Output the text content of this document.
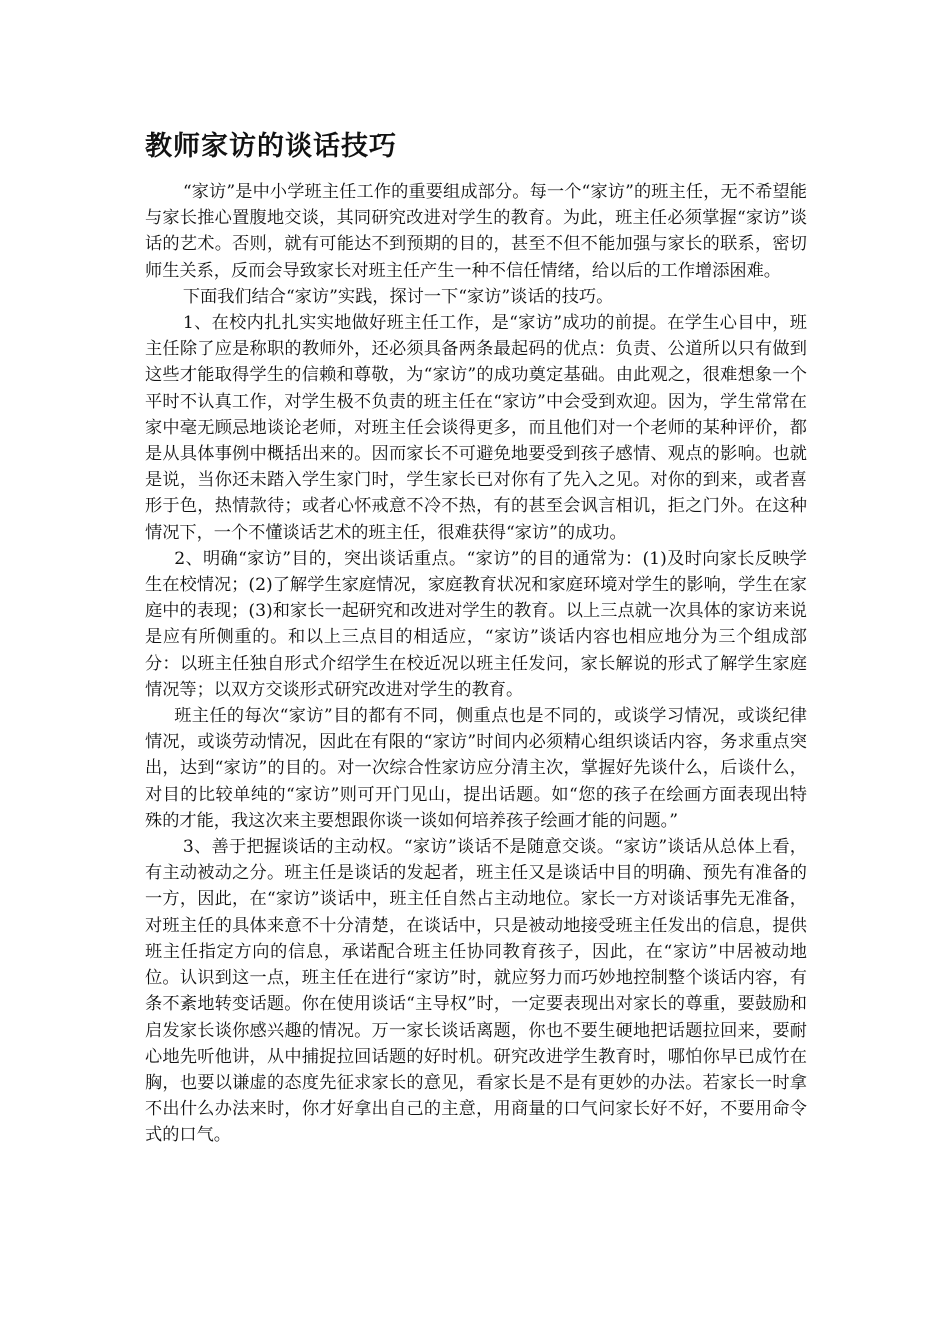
教师家访的谈话技巧

“家访”是中小学班主任工作的重要组成部分。每一个“家访”的班主任，无不希望能与家长推心置腹地交谈，其同研究改进对学生的教育。为此，班主任必须掌握“家访”谈话的艺术。否则，就有可能达不到预期的目的，甚至不但不能加强与家长的联系，密切师生关系，反而会导致家长对班主任产生一种不信任情绪，给以后的工作增添困难。

下面我们结合“家访”实践，探讨一下“家访”谈话的技巧。

1、在校内扎扎实实地做好班主任工作，是“家访”成功的前提。在学生心目中，班主任除了应是称职的教师外，还必须具备两条最起码的优点：负责、公道所以只有做到这些才能取得学生的信赖和尊敬，为“家访”的成功奠定基础。由此观之，很难想象一个平时不认真工作，对学生极不负责的班主任在“家访”中会受到欢迎。因为，学生常常在家中毫无顾忌地谈论老师，对班主任会谈得更多，而且他们对一个老师的某种评价，都是从具体事例中概括出来的。因而家长不可避免地要受到孩子感情、观点的影响。也就是说，当你还未踏入学生家门时，学生家长已对你有了先入之见。对你的到来，或者喜形于色，热情款待；或者心怀戒意不冷不热，有的甚至会讽言相讥，拒之门外。在这种情况下，一个不懂谈话艺术的班主任，很难获得“家访”的成功。

2、明确“家访”目的，突出谈话重点。“家访”的目的通常为：(1)及时向家长反映学生在校情况；(2)了解学生家庭情况，家庭教育状况和家庭环境对学生的影响，学生在家庭中的表现；(3)和家长一起研究和改进对学生的教育。以上三点就一次具体的家访来说是应有所侧重的。和以上三点目的相适应，“家访”谈话内容也相应地分为三个组成部分：以班主任独自形式介绍学生在校近况以班主任发问，家长解说的形式了解学生家庭情况等；以双方交谈形式研究改进对学生的教育。

班主任的每次“家访”目的都有不同，侧重点也是不同的，或谈学习情况，或谈纪律情况，或谈劳动情况，因此在有限的“家访”时间内必须精心组织谈话内容，务求重点突出，达到“家访”的目的。对一次综合性家访应分清主次，掌握好先谈什么，后谈什么，对目的比较单纯的“家访”则可开门见山，提出话题。如“您的孩子在绘画方面表现出特殊的才能，我这次来主要想跟你谈一谈如何培养孩子绘画才能的问题。”

3、善于把握谈话的主动权。“家访”谈话不是随意交谈。“家访”谈话从总体上看，有主动被动之分。班主任是谈话的发起者，班主任又是谈话中目的明确、预先有准备的一方，因此，在“家访”谈话中，班主任自然占主动地位。家长一方对谈话事先无准备，对班主任的具体来意不十分清楚，在谈话中，只是被动地接受班主任发出的信息，提供班主任指定方向的信息，承诺配合班主任协同教育孩子，因此，在“家访”中居被动地位。认识到这一点，班主任在进行“家访”时，就应努力而巧妙地控制整个谈话内容，有条不紊地转变话题。你在使用谈话“主导权”时，一定要表现出对家长的尊重，要鼓励和启发家长谈你感兴趣的情况。万一家长谈话离题，你也不要生硬地把话题拉回来，要耐心地先听他讲，从中捕捉拉回话题的好时机。研究改进学生教育时，哪怕你早已成竹在胸，也要以谦虚的态度先征求家长的意见，看家长是不是有更妙的办法。若家长一时拿不出什么办法来时，你才好拿出自己的主意，用商量的口气问家长好不好，不要用命令式的口气。
